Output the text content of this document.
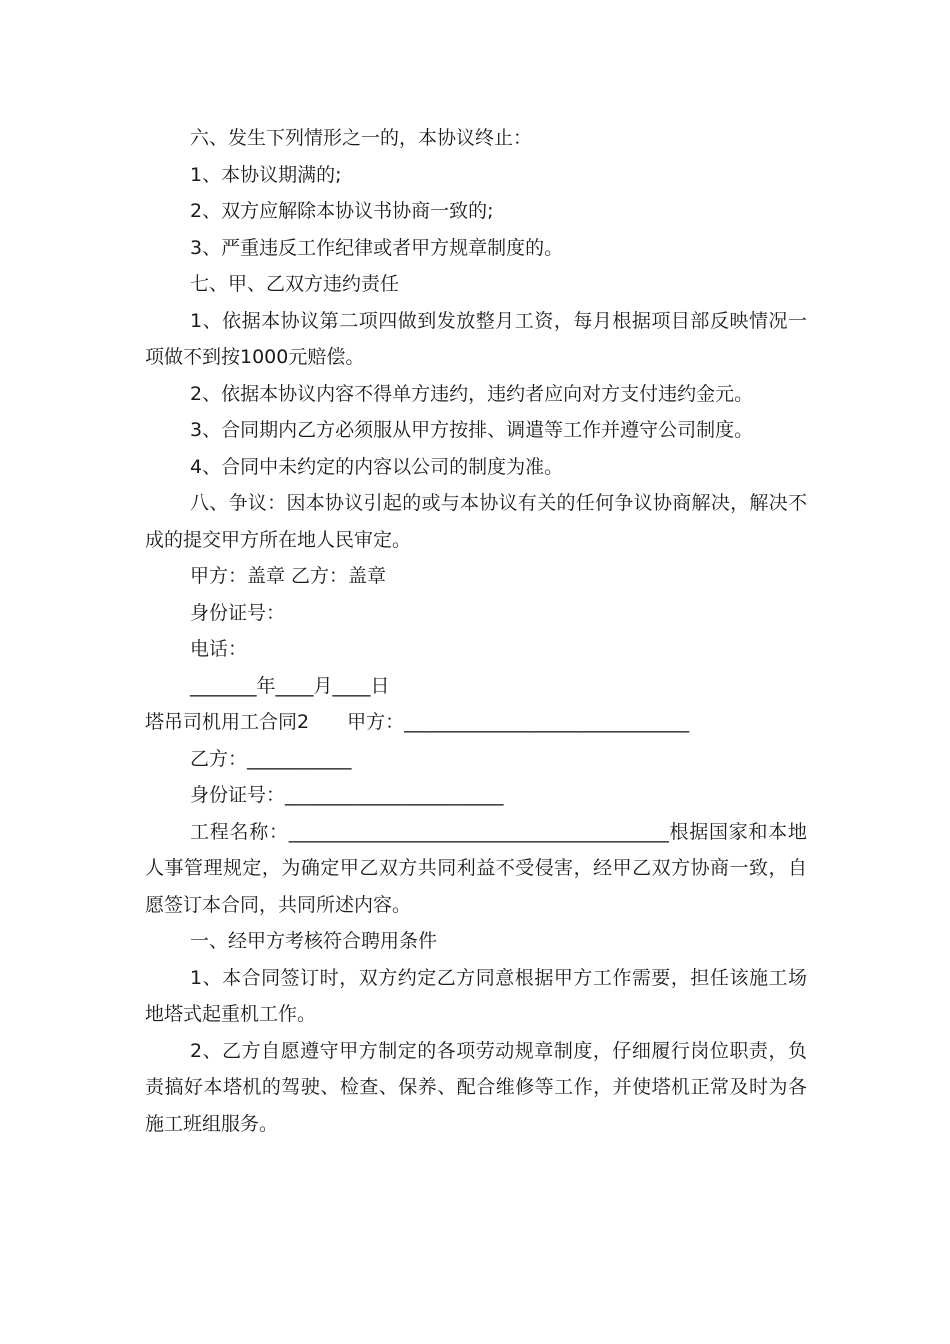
六、发生下列情形之一的，本协议终止：

1、本协议期满的;

2、双方应解除本协议书协商一致的;

3、严重违反工作纪律或者甲方规章制度的。

七、甲、乙双方违约责任

1、依据本协议第二项四做到发放整月工资，每月根据项目部反映情况一项做不到按1000元赔偿。

2、依据本协议内容不得单方违约，违约者应向对方支付违约金元。

3、合同期内乙方必须服从甲方按排、调遣等工作并遵守公司制度。

4、合同中未约定的内容以公司的制度为准。

八、争议：因本协议引起的或与本协议有关的任何争议协商解决，解决不成的提交甲方所在地人民审定。

甲方：盖章 乙方：盖章

身份证号：

电话：

_______年____月____日

塔吊司机用工合同2　　甲方：______________________________

乙方：___________

身份证号：_______________________

工程名称：________________________________________根据国家和本地人事管理规定，为确定甲乙双方共同利益不受侵害，经甲乙双方协商一致，自愿签订本合同，共同所述内容。

一、经甲方考核符合聘用条件

1、本合同签订时，双方约定乙方同意根据甲方工作需要，担任该施工场地塔式起重机工作。

2、乙方自愿遵守甲方制定的各项劳动规章制度，仔细履行岗位职责，负责搞好本塔机的驾驶、检查、保养、配合维修等工作，并使塔机正常及时为各施工班组服务。
